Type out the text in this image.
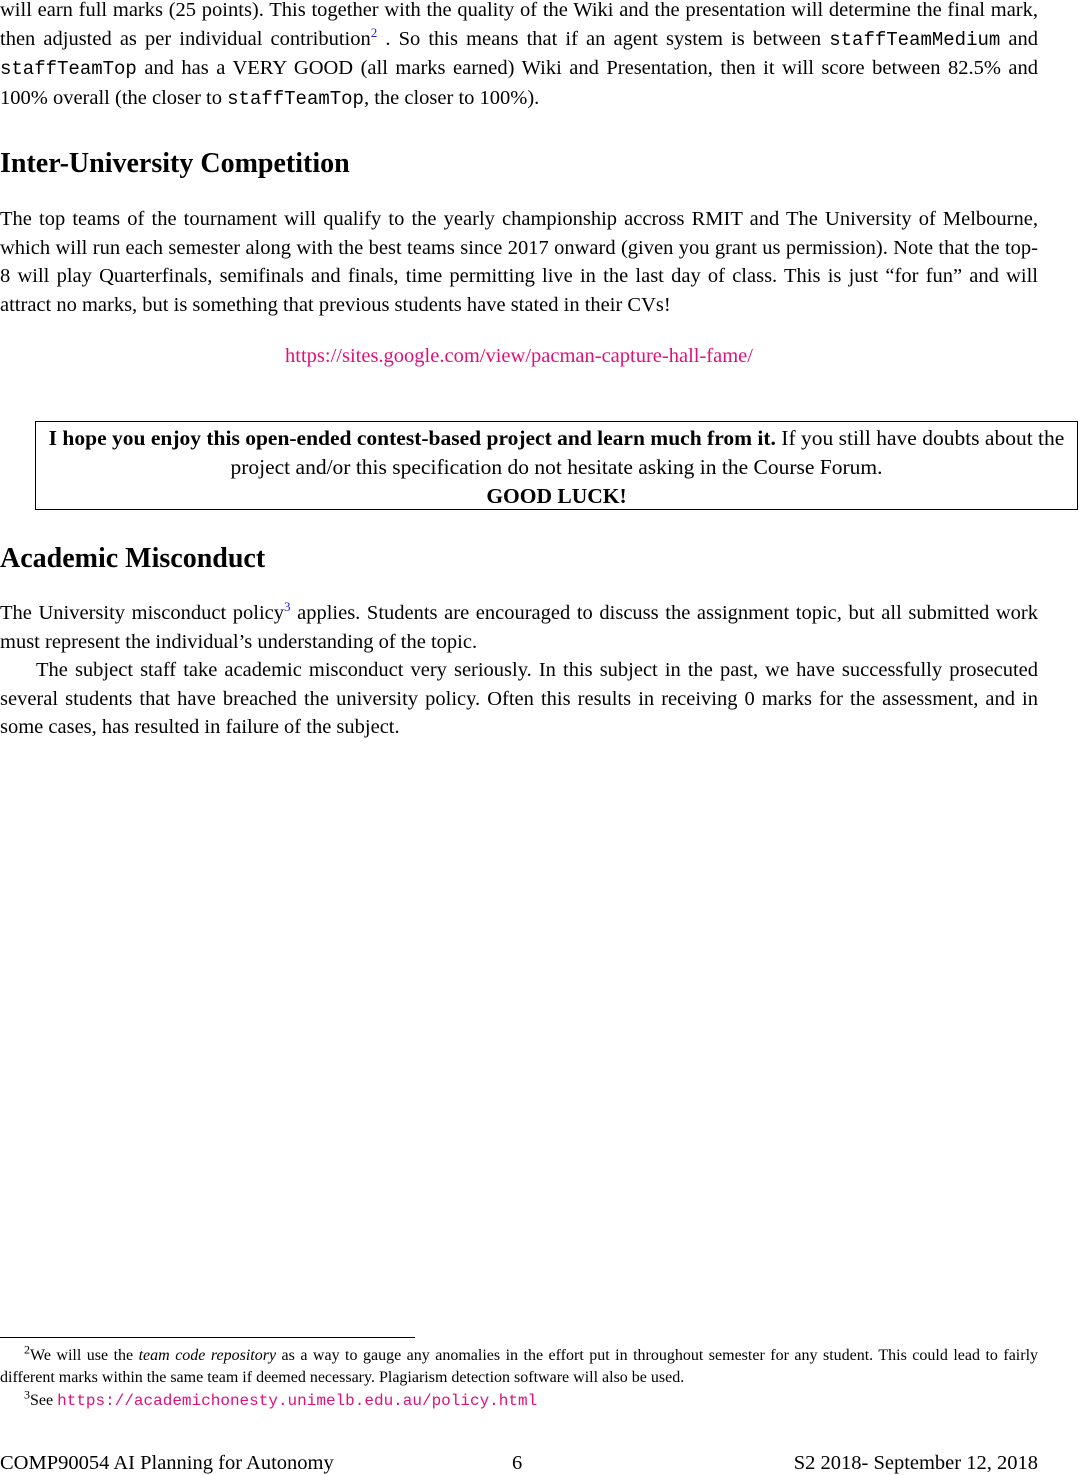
will earn full marks (25 points). This together with the quality of the Wiki and the presentation will determine the final mark, then adjusted as per individual contribution$^2$ . So this means that if an agent system is between staffTeamMedium and staffTeamTop and has a VERY GOOD (all marks earned) Wiki and Presentation, then it will score between 82.5% and 100% overall (the closer to staffTeamTop, the closer to 100%).

Inter-University Competition

The top teams of the tournament will qualify to the yearly championship accross RMIT and The University of Melbourne, which will run each semester along with the best teams since 2017 onward (given you grant us permission). Note that the top-8 will play Quarterfinals, semifinals and finals, time permitting live in the last day of class. This is just “for fun” and will attract no marks, but is something that previous students have stated in their CVs!

https://sites.google.com/view/pacman-capture-hall-fame/
I hope you enjoy this open-ended contest-based project and learn much from it. If you still have doubts about the project and/or this specification do not hesitate asking in the Course Forum.
GOOD LUCK!
Academic Misconduct

The University misconduct policy$^3$ applies. Students are encouraged to discuss the assignment topic, but all submitted work must represent the individual’s understanding of the topic.

The subject staff take academic misconduct very seriously. In this subject in the past, we have successfully prosecuted several students that have breached the university policy. Often this results in receiving 0 marks for the assessment, and in some cases, has resulted in failure of the subject.

$^2$We will use the team code repository as a way to gauge any anomalies in the effort put in throughout semester for any student. This could lead to fairly different marks within the same team if deemed necessary. Plagiarism detection software will also be used.

$^3$See https://academichonesty.unimelb.edu.au/policy.html

COMP90054 AI Planning for Autonomy	6	S2 2018- September 12, 2018
